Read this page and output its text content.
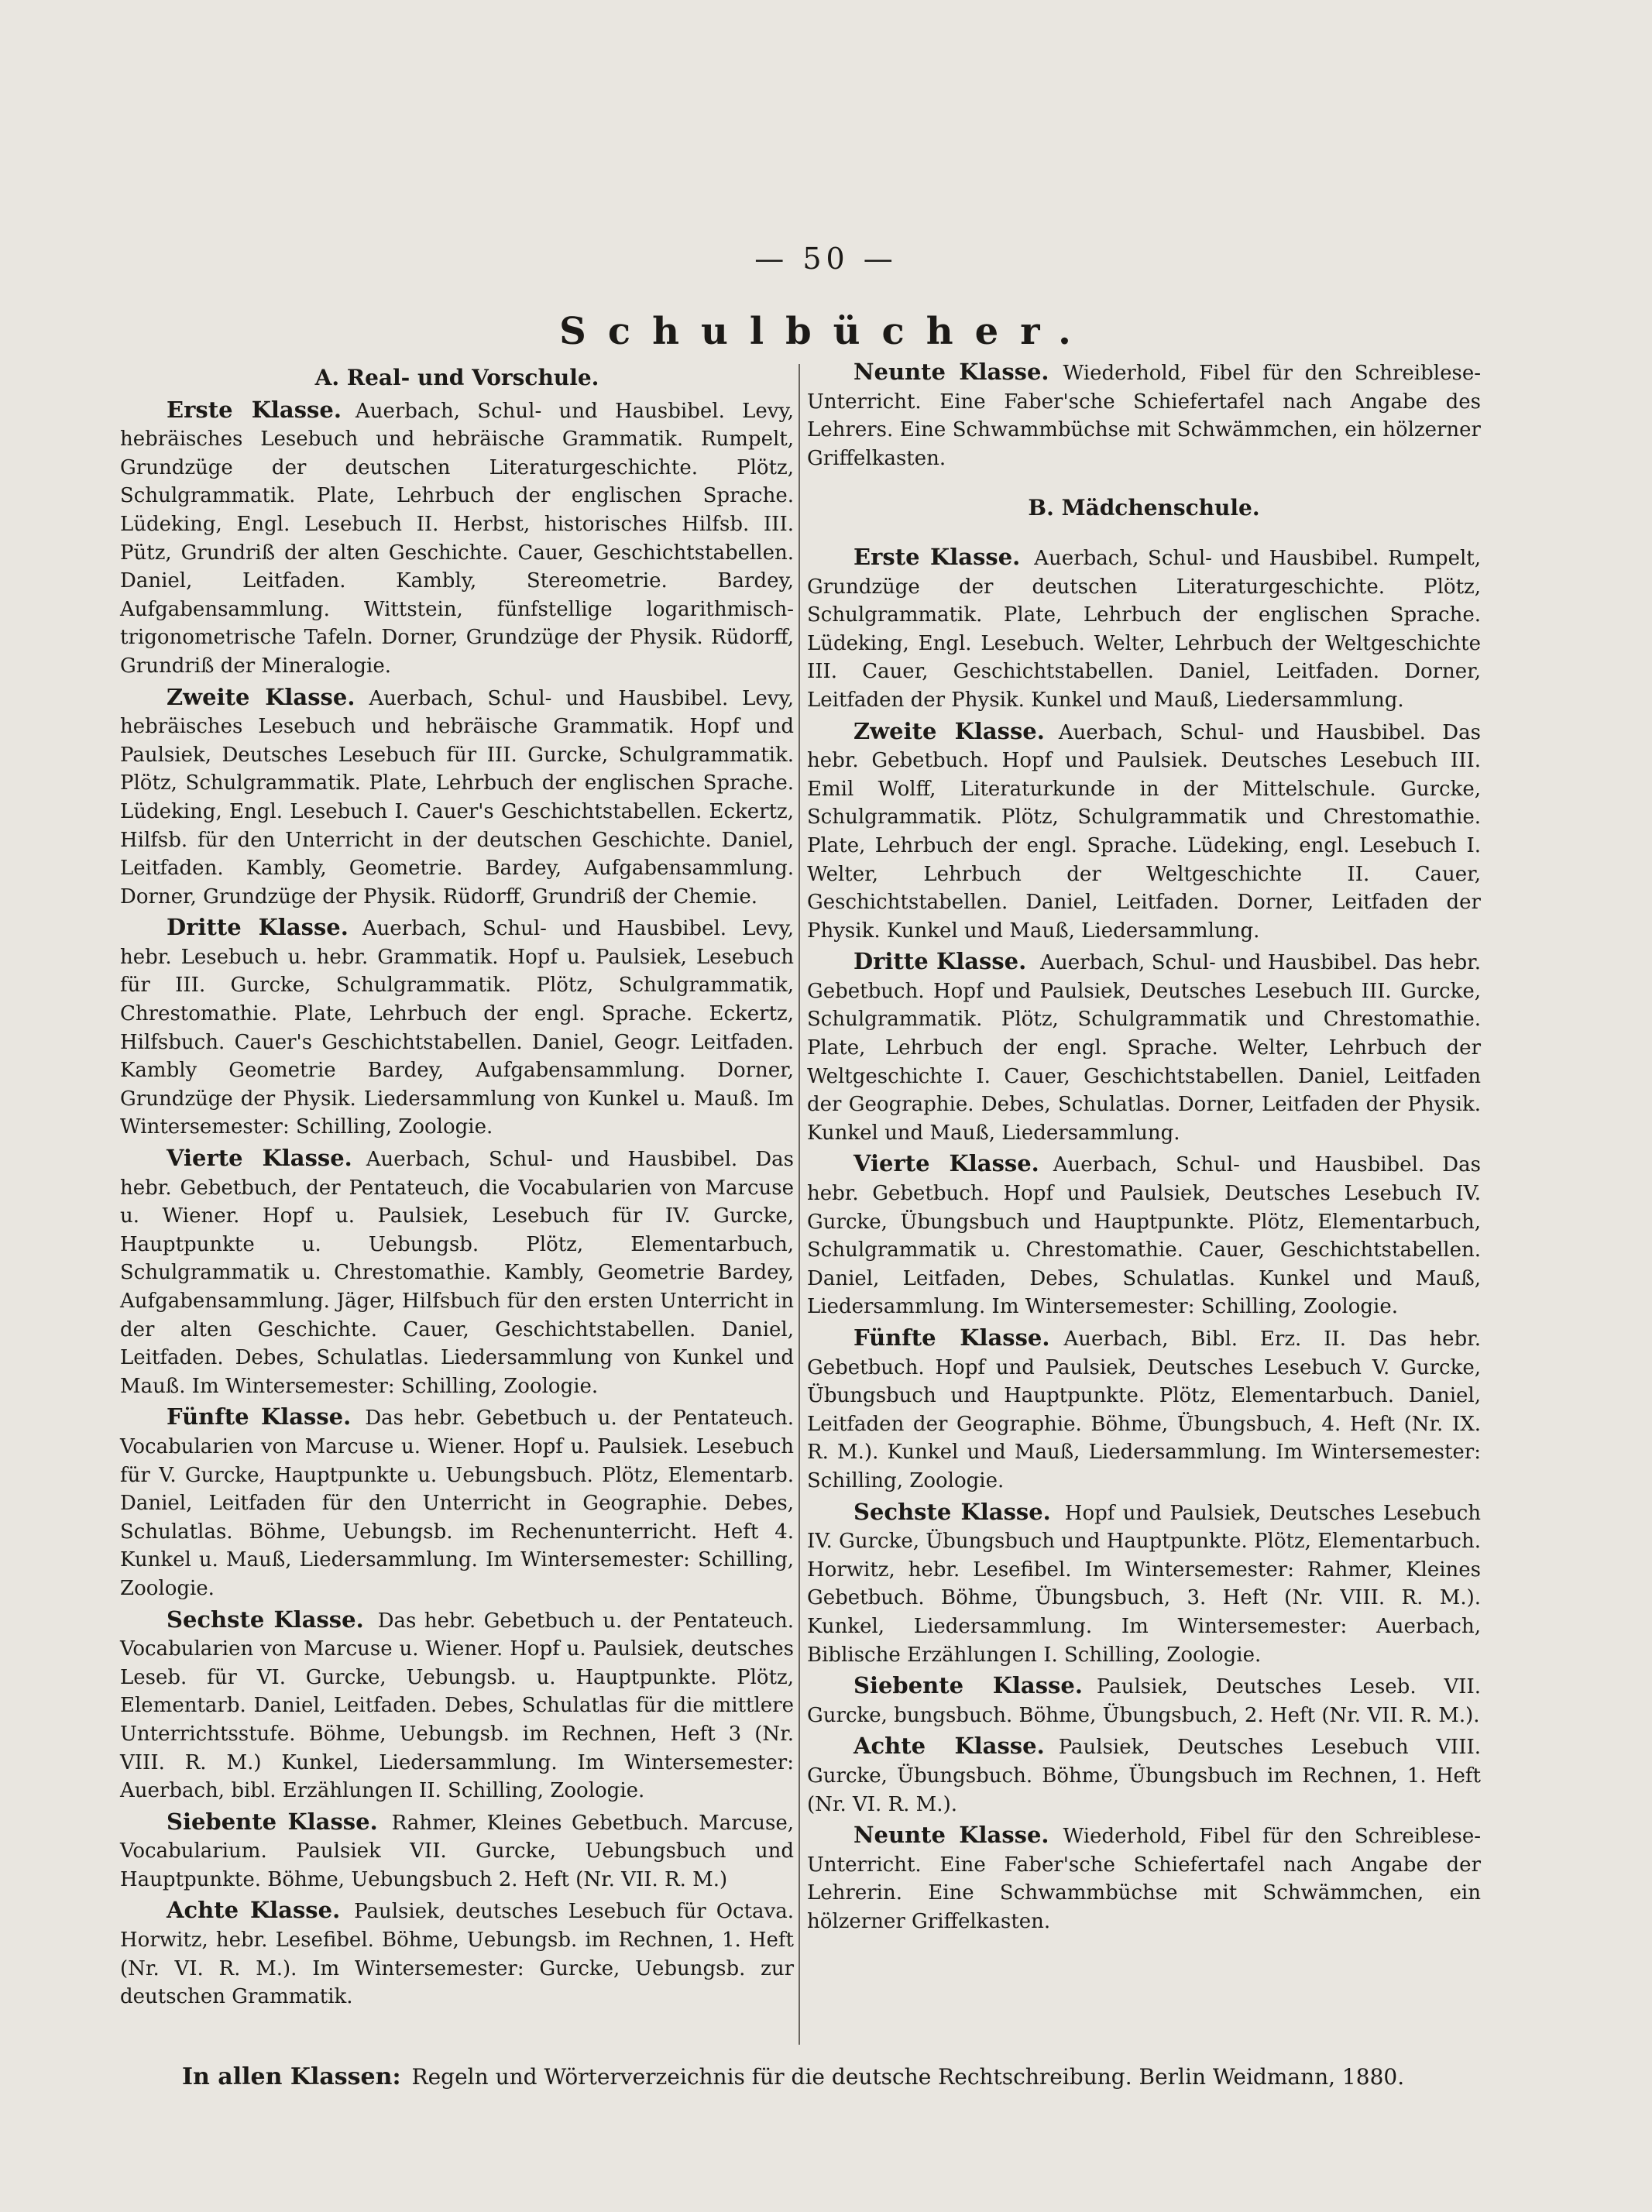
— 50 —
Schulbücher.
A. Real- und Vorschule.

Erste Klasse. Auerbach, Schul- und Hausbibel. Levy, hebräisches Lesebuch und hebräische Grammatik. Rumpelt, Grundzüge der deutschen Literaturgeschichte. Plötz, Schulgrammatik. Plate, Lehrbuch der englischen Sprache. Lüdeking, Engl. Lesebuch II. Herbst, historisches Hilfsb. III. Pütz, Grundriß der alten Geschichte. Cauer, Geschichtstabellen. Daniel, Leitfaden. Kambly, Stereometrie. Bardey, Aufgabensammlung. Wittstein, fünfstellige logarithmisch-trigonometrische Tafeln. Dorner, Grundzüge der Physik. Rüdorff, Grundriß der Mineralogie.

Zweite Klasse. Auerbach, Schul- und Hausbibel. Levy, hebräisches Lesebuch und hebräische Grammatik. Hopf und Paulsiek, Deutsches Lesebuch für III. Gurcke, Schulgrammatik. Plötz, Schulgrammatik. Plate, Lehrbuch der englischen Sprache. Lüdeking, Engl. Lesebuch I. Cauer's Geschichtstabellen. Eckertz, Hilfsb. für den Unterricht in der deutschen Geschichte. Daniel, Leitfaden. Kambly, Geometrie. Bardey, Aufgabensammlung. Dorner, Grundzüge der Physik. Rüdorff, Grundriß der Chemie.

Dritte Klasse. Auerbach, Schul- und Hausbibel. Levy, hebr. Lesebuch u. hebr. Grammatik. Hopf u. Paulsiek, Lesebuch für III. Gurcke, Schulgrammatik. Plötz, Schulgrammatik, Chrestomathie. Plate, Lehrbuch der engl. Sprache. Eckertz, Hilfsbuch. Cauer's Geschichtstabellen. Daniel, Geogr. Leitfaden. Kambly Geometrie Bardey, Aufgabensammlung. Dorner, Grundzüge der Physik. Liedersammlung von Kunkel u. Mauß. Im Wintersemester: Schilling, Zoologie.

Vierte Klasse. Auerbach, Schul- und Hausbibel. Das hebr. Gebetbuch, der Pentateuch, die Vocabularien von Marcuse u. Wiener. Hopf u. Paulsiek, Lesebuch für IV. Gurcke, Hauptpunkte u. Uebungsb. Plötz, Elementarbuch, Schulgrammatik u. Chrestomathie. Kambly, Geometrie Bardey, Aufgabensammlung. Jäger, Hilfsbuch für den ersten Unterricht in der alten Geschichte. Cauer, Geschichtstabellen. Daniel, Leitfaden. Debes, Schulatlas. Liedersammlung von Kunkel und Mauß. Im Wintersemester: Schilling, Zoologie.

Fünfte Klasse. Das hebr. Gebetbuch u. der Pentateuch. Vocabularien von Marcuse u. Wiener. Hopf u. Paulsiek. Lesebuch für V. Gurcke, Hauptpunkte u. Uebungsbuch. Plötz, Elementarb. Daniel, Leitfaden für den Unterricht in Geographie. Debes, Schulatlas. Böhme, Uebungsb. im Rechenunterricht. Heft 4. Kunkel u. Mauß, Liedersammlung. Im Wintersemester: Schilling, Zoologie.

Sechste Klasse. Das hebr. Gebetbuch u. der Pentateuch. Vocabularien von Marcuse u. Wiener. Hopf u. Paulsiek, deutsches Leseb. für VI. Gurcke, Uebungsb. u. Hauptpunkte. Plötz, Elementarb. Daniel, Leitfaden. Debes, Schulatlas für die mittlere Unterrichtsstufe. Böhme, Uebungsb. im Rechnen, Heft 3 (Nr. VIII. R. M.) Kunkel, Liedersammlung. Im Wintersemester: Auerbach, bibl. Erzählungen II. Schilling, Zoologie.

Siebente Klasse. Rahmer, Kleines Gebetbuch. Marcuse, Vocabularium. Paulsiek VII. Gurcke, Uebungsbuch und Hauptpunkte. Böhme, Uebungsbuch 2. Heft (Nr. VII. R. M.)

Achte Klasse. Paulsiek, deutsches Lesebuch für Octava. Horwitz, hebr. Lesefibel. Böhme, Uebungsb. im Rechnen, 1. Heft (Nr. VI. R. M.). Im Wintersemester: Gurcke, Uebungsb. zur deutschen Grammatik.

Neunte Klasse. Wiederhold, Fibel für den Schreiblese-Unterricht. Eine Faber'sche Schiefertafel nach Angabe des Lehrers. Eine Schwammbüchse mit Schwämmchen, ein hölzerner Griffelkasten.

B. Mädchenschule.

Erste Klasse. Auerbach, Schul- und Hausbibel. Rumpelt, Grundzüge der deutschen Literaturgeschichte. Plötz, Schulgrammatik. Plate, Lehrbuch der englischen Sprache. Lüdeking, Engl. Lesebuch. Welter, Lehrbuch der Weltgeschichte III. Cauer, Geschichtstabellen. Daniel, Leitfaden. Dorner, Leitfaden der Physik. Kunkel und Mauß, Liedersammlung.

Zweite Klasse. Auerbach, Schul- und Hausbibel. Das hebr. Gebetbuch. Hopf und Paulsiek. Deutsches Lesebuch III. Emil Wolff, Literaturkunde in der Mittelschule. Gurcke, Schulgrammatik. Plötz, Schulgrammatik und Chrestomathie. Plate, Lehrbuch der engl. Sprache. Lüdeking, engl. Lesebuch I. Welter, Lehrbuch der Weltgeschichte II. Cauer, Geschichtstabellen. Daniel, Leitfaden. Dorner, Leitfaden der Physik. Kunkel und Mauß, Liedersammlung.

Dritte Klasse. Auerbach, Schul- und Hausbibel. Das hebr. Gebetbuch. Hopf und Paulsiek, Deutsches Lesebuch III. Gurcke, Schulgrammatik. Plötz, Schulgrammatik und Chrestomathie. Plate, Lehrbuch der engl. Sprache. Welter, Lehrbuch der Weltgeschichte I. Cauer, Geschichtstabellen. Daniel, Leitfaden der Geographie. Debes, Schulatlas. Dorner, Leitfaden der Physik. Kunkel und Mauß, Liedersammlung.

Vierte Klasse. Auerbach, Schul- und Hausbibel. Das hebr. Gebetbuch. Hopf und Paulsiek, Deutsches Lesebuch IV. Gurcke, Übungsbuch und Hauptpunkte. Plötz, Elementarbuch, Schulgrammatik u. Chrestomathie. Cauer, Geschichtstabellen. Daniel, Leitfaden, Debes, Schulatlas. Kunkel und Mauß, Liedersammlung. Im Wintersemester: Schilling, Zoologie.

Fünfte Klasse. Auerbach, Bibl. Erz. II. Das hebr. Gebetbuch. Hopf und Paulsiek, Deutsches Lesebuch V. Gurcke, Übungsbuch und Hauptpunkte. Plötz, Elementarbuch. Daniel, Leitfaden der Geographie. Böhme, Übungsbuch, 4. Heft (Nr. IX. R. M.). Kunkel und Mauß, Liedersammlung. Im Wintersemester: Schilling, Zoologie.

Sechste Klasse. Hopf und Paulsiek, Deutsches Lesebuch IV. Gurcke, Übungsbuch und Hauptpunkte. Plötz, Elementarbuch. Horwitz, hebr. Lesefibel. Im Wintersemester: Rahmer, Kleines Gebetbuch. Böhme, Übungsbuch, 3. Heft (Nr. VIII. R. M.). Kunkel, Liedersammlung. Im Wintersemester: Auerbach, Biblische Erzählungen I. Schilling, Zoologie.

Siebente Klasse. Paulsiek, Deutsches Leseb. VII. Gurcke, bungsbuch. Böhme, Übungsbuch, 2. Heft (Nr. VII. R. M.).

Achte Klasse. Paulsiek, Deutsches Lesebuch VIII. Gurcke, Übungsbuch. Böhme, Übungsbuch im Rechnen, 1. Heft (Nr. VI. R. M.).

Neunte Klasse. Wiederhold, Fibel für den Schreiblese-Unterricht. Eine Faber'sche Schiefertafel nach Angabe der Lehrerin. Eine Schwammbüchse mit Schwämmchen, ein hölzerner Griffelkasten.

In allen Klassen: Regeln und Wörterverzeichnis für die deutsche Rechtschreibung. Berlin Weidmann, 1880.
